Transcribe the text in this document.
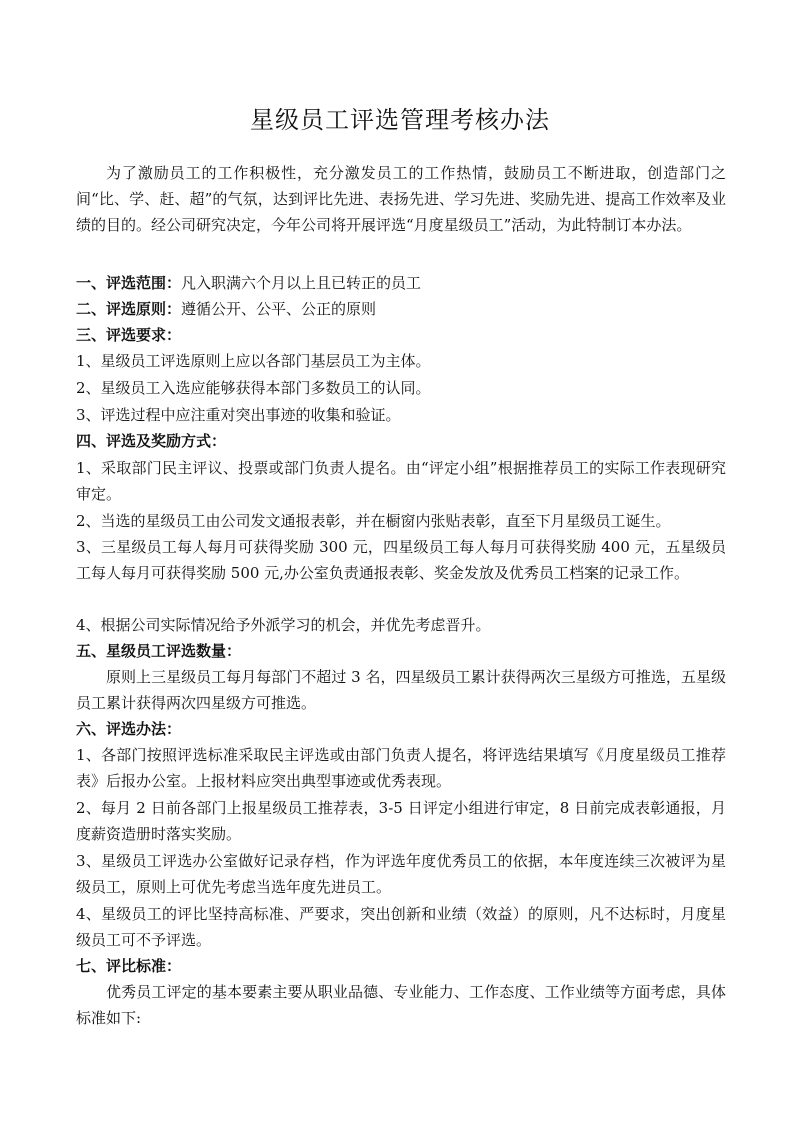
星级员工评选管理考核办法
为了激励员工的工作积极性，充分激发员工的工作热情，鼓励员工不断进取，创造部门之间“比、学、赶、超”的气氛，达到评比先进、表扬先进、学习先进、奖励先进、提高工作效率及业绩的目的。经公司研究决定，今年公司将开展评选“月度星级员工”活动，为此特制订本办法。
一、评选范围：凡入职满六个月以上且已转正的员工
二、评选原则：遵循公开、公平、公正的原则
三、评选要求：
1、星级员工评选原则上应以各部门基层员工为主体。
2、星级员工入选应能够获得本部门多数员工的认同。
3、评选过程中应注重对突出事迹的收集和验证。
四、评选及奖励方式：
1、采取部门民主评议、投票或部门负责人提名。由“评定小组”根据推荐员工的实际工作表现研究审定。
2、当选的星级员工由公司发文通报表彰，并在橱窗内张贴表彰，直至下月星级员工诞生。
3、三星级员工每人每月可获得奖励 300 元，四星级员工每人每月可获得奖励 400 元，五星级员工每人每月可获得奖励 500 元,办公室负责通报表彰、奖金发放及优秀员工档案的记录工作。
4、根据公司实际情况给予外派学习的机会，并优先考虑晋升。
五、星级员工评选数量：
原则上三星级员工每月每部门不超过 3 名，四星级员工累计获得两次三星级方可推选，五星级员工累计获得两次四星级方可推选。
六、评选办法：
1、各部门按照评选标准采取民主评选或由部门负责人提名，将评选结果填写《月度星级员工推荐表》后报办公室。上报材料应突出典型事迹或优秀表现。
2、每月 2 日前各部门上报星级员工推荐表，3-5 日评定小组进行审定，8 日前完成表彰通报，月度薪资造册时落实奖励。
3、星级员工评选办公室做好记录存档，作为评选年度优秀员工的依据，本年度连续三次被评为星级员工，原则上可优先考虑当选年度先进员工。
4、星级员工的评比坚持高标准、严要求，突出创新和业绩（效益）的原则，凡不达标时，月度星级员工可不予评选。
七、评比标准：
优秀员工评定的基本要素主要从职业品德、专业能力、工作态度、工作业绩等方面考虑，具体标准如下:
